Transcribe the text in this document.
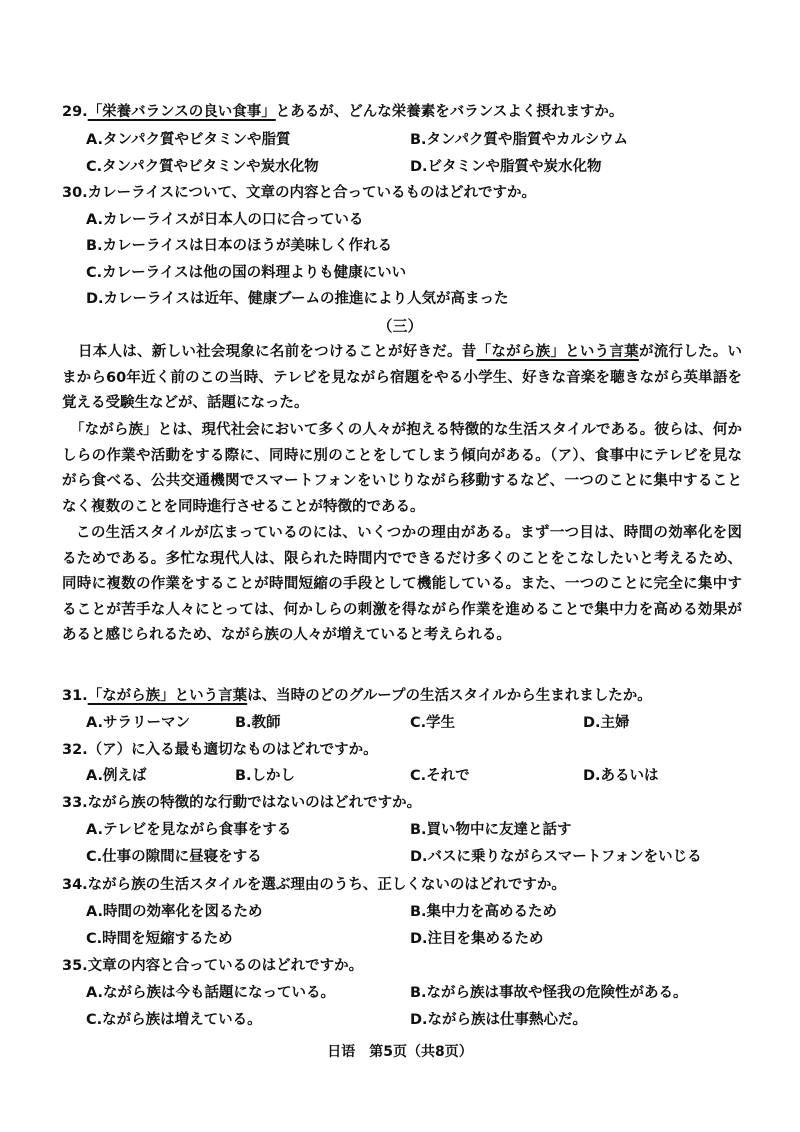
29.「栄養バランスの良い食事」とあるが、どんな栄養素をバランスよく摂れますか。
A.タンパク質やビタミンや脂質	B.タンパク質や脂質やカルシウム
C.タンパク質やビタミンや炭水化物	D.ビタミンや脂質や炭水化物
30.カレーライスについて、文章の内容と合っているものはどれですか。
A.カレーライスが日本人の口に合っている
B.カレーライスは日本のほうが美味しく作れる
C.カレーライスは他の国の料理よりも健康にいい
D.カレーライスは近年、健康ブームの推進により人気が高まった
（三）
日本人は、新しい社会現象に名前をつけることが好きだ。昔「ながら族」という言葉が流行した。いまから60年近く前のこの当時、テレビを見ながら宿題をやる小学生、好きな音楽を聴きながら英単語を覚える受験生などが、話題になった。
「ながら族」とは、現代社会において多くの人々が抱える特徴的な生活スタイルである。彼らは、何かしらの作業や活動をする際に、同時に別のことをしてしまう傾向がある。（ア）、食事中にテレビを見ながら食べる、公共交通機関でスマートフォンをいじりながら移動するなど、一つのことに集中することなく複数のことを同時進行させることが特徴的である。
この生活スタイルが広まっているのには、いくつかの理由がある。まず一つ目は、時間の効率化を図るためである。多忙な現代人は、限られた時間内でできるだけ多くのことをこなしたいと考えるため、同時に複数の作業をすることが時間短縮の手段として機能している。また、一つのことに完全に集中することが苦手な人々にとっては、何かしらの刺激を得ながら作業を進めることで集中力を高める効果があると感じられるため、ながら族の人々が増えていると考えられる。
31.「ながら族」という言葉は、当時のどのグループの生活スタイルから生まれましたか。
A.サラリーマン	B.教師	C.学生	D.主婦
32.（ア）に入る最も適切なものはどれですか。
A.例えば	B.しかし	C.それで	D.あるいは
33.ながら族の特徴的な行動ではないのはどれですか。
A.テレビを見ながら食事をする	B.買い物中に友達と話す
C.仕事の隙間に昼寝をする	D.バスに乗りながらスマートフォンをいじる
34.ながら族の生活スタイルを選ぶ理由のうち、正しくないのはどれですか。
A.時間の効率化を図るため	B.集中力を高めるため
C.時間を短縮するため	D.注目を集めるため
35.文章の内容と合っているのはどれですか。
A.ながら族は今も話題になっている。	B.ながら族は事故や怪我の危険性がある。
C.ながら族は増えている。	D.ながら族は仕事熱心だ。
日语　第5页（共8页）
